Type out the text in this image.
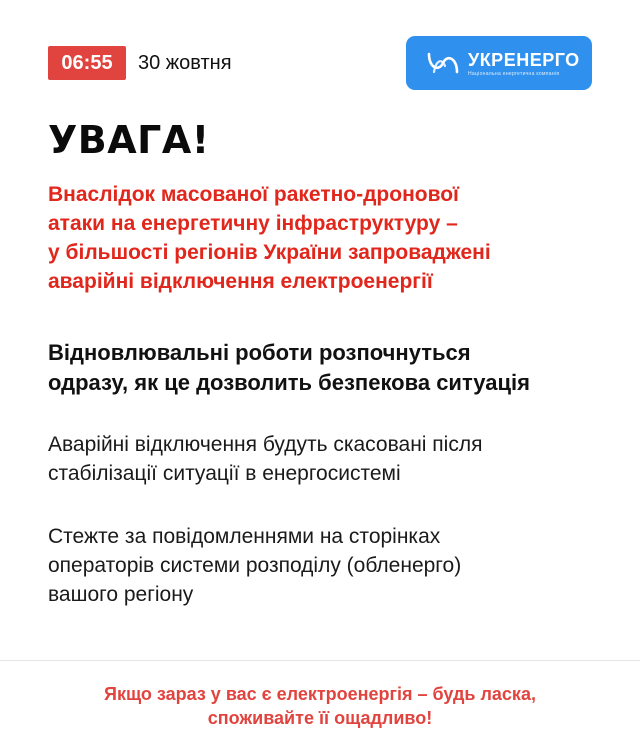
06:55	30 жовтня	УКРЕНЕРГО
Національна енергетична компанія
УВАГА!
Внаслідок масованої ракетно-дронової
атаки на енергетичну інфраструктуру –
у більшості регіонів України запроваджені
аварійні відключення електроенергії
Відновлювальні роботи розпочнуться
одразу, як це дозволить безпекова ситуація
Аварійні відключення будуть скасовані після
стабілізації ситуації в енергосистемі
Стежте за повідомленнями на сторінках
операторів системи розподілу (обленерго)
вашого регіону
Якщо зараз у вас є електроенергія – будь ласка,
споживайте її ощадливо!
